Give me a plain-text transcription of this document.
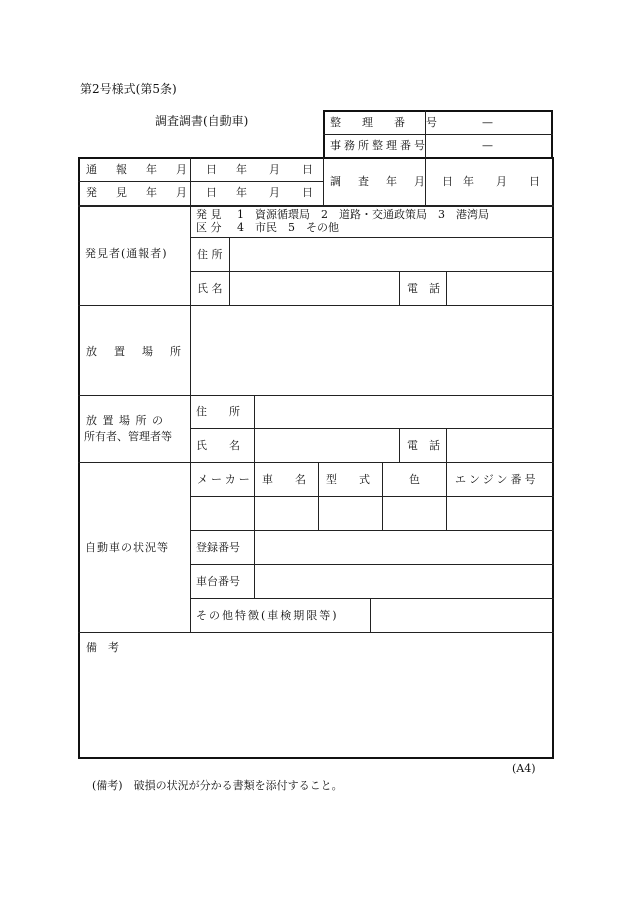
第2号様式(第5条)
調査調書(自動車)	整　理　番　号	—
事務所整理番号	—
通　報　年　月　日 年　　月　　日
発　見　年　月　日 年　　月　　日
調　査　年　月　日 年　　月　　日
発見者(通報者)
発 見
区 分
1　資源循環局　2　道路・交通政策局　3　港湾局
4　市民　5　その他
住 所
氏 名	電　話
放　置　場　所
放 置 場 所 の
所有者、管理者等
住　　所
氏　　名	電　話
自動車の状況等
メーカー 車　　名 型　　式	色	エンジン番号
登録番号
車台番号
その他特徴(車検期限等)
備　考
(A4)
(備考)　破損の状況が分かる書類を添付すること。
